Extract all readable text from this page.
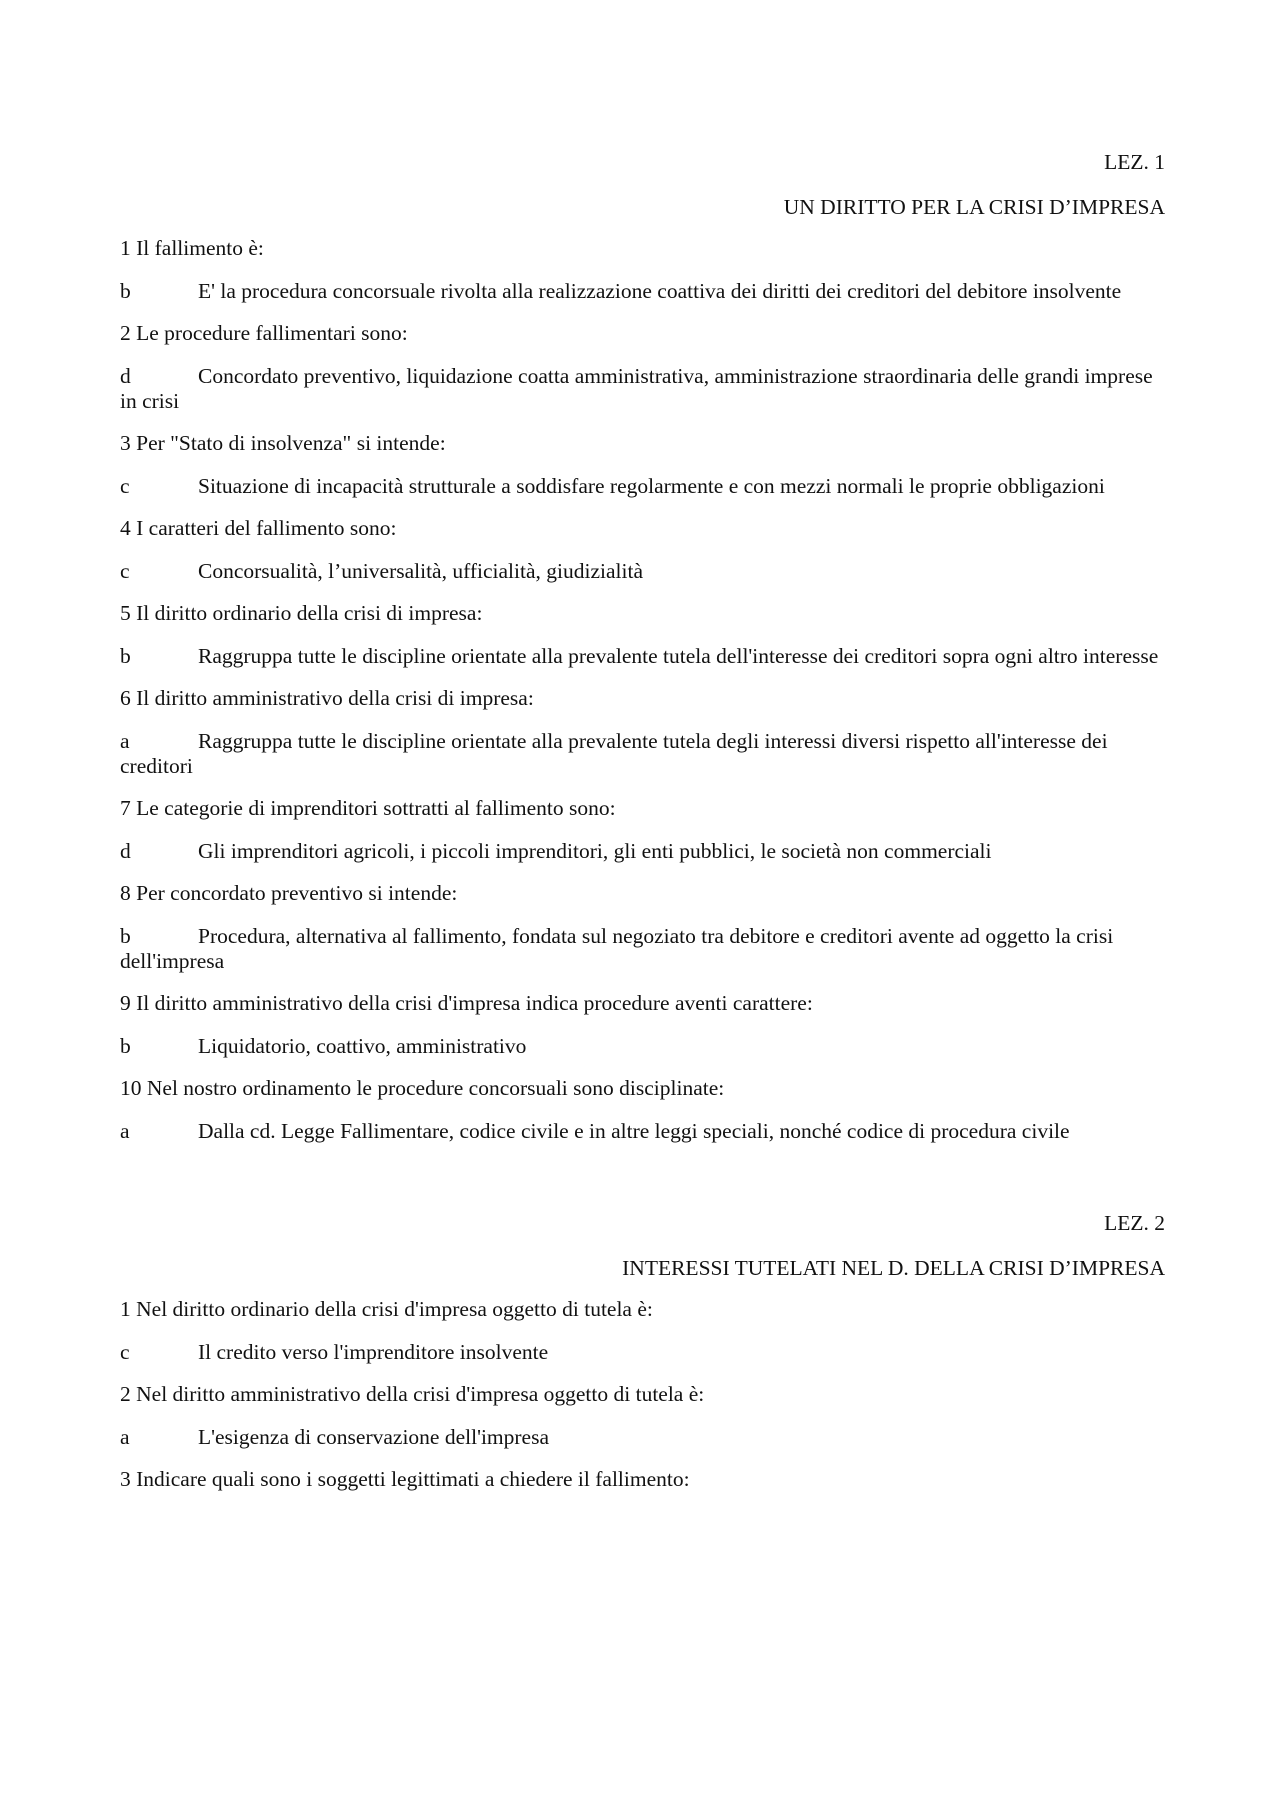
LEZ. 1
UN DIRITTO PER LA CRISI D’IMPRESA
1 Il fallimento è:
b	E' la procedura concorsuale rivolta alla realizzazione coattiva dei diritti dei creditori del debitore insolvente
2 Le procedure fallimentari sono:
d	Concordato preventivo, liquidazione coatta amministrativa, amministrazione straordinaria delle grandi imprese in crisi
3 Per "Stato di insolvenza" si intende:
c	Situazione di incapacità strutturale a soddisfare regolarmente e con mezzi normali le proprie obbligazioni
4 I caratteri del fallimento sono:
c	Concorsualità, l’universalità, ufficialità, giudizialità
5 Il diritto ordinario della crisi di impresa:
b	Raggruppa tutte le discipline orientate alla prevalente tutela dell'interesse dei creditori sopra ogni altro interesse
6 Il diritto amministrativo della crisi di impresa:
a	Raggruppa tutte le discipline orientate alla prevalente tutela degli interessi diversi rispetto all'interesse dei creditori
7 Le categorie di imprenditori sottratti al fallimento sono:
d	Gli imprenditori agricoli, i piccoli imprenditori, gli enti pubblici, le società non commerciali
8 Per concordato preventivo si intende:
b	Procedura, alternativa al fallimento, fondata sul negoziato tra debitore e creditori avente ad oggetto la crisi dell'impresa
9 Il diritto amministrativo della crisi d'impresa indica procedure aventi carattere:
b	Liquidatorio, coattivo, amministrativo
10 Nel nostro ordinamento le procedure concorsuali sono disciplinate:
a	Dalla cd. Legge Fallimentare, codice civile e in altre leggi speciali, nonché codice di procedura civile
LEZ. 2
INTERESSI TUTELATI NEL D. DELLA CRISI D’IMPRESA
1 Nel diritto ordinario della crisi d'impresa oggetto di tutela è:
c	Il credito verso l'imprenditore insolvente
2 Nel diritto amministrativo della crisi d'impresa oggetto di tutela è:
a	L'esigenza di conservazione dell'impresa
3 Indicare quali sono i soggetti legittimati a chiedere il fallimento:
